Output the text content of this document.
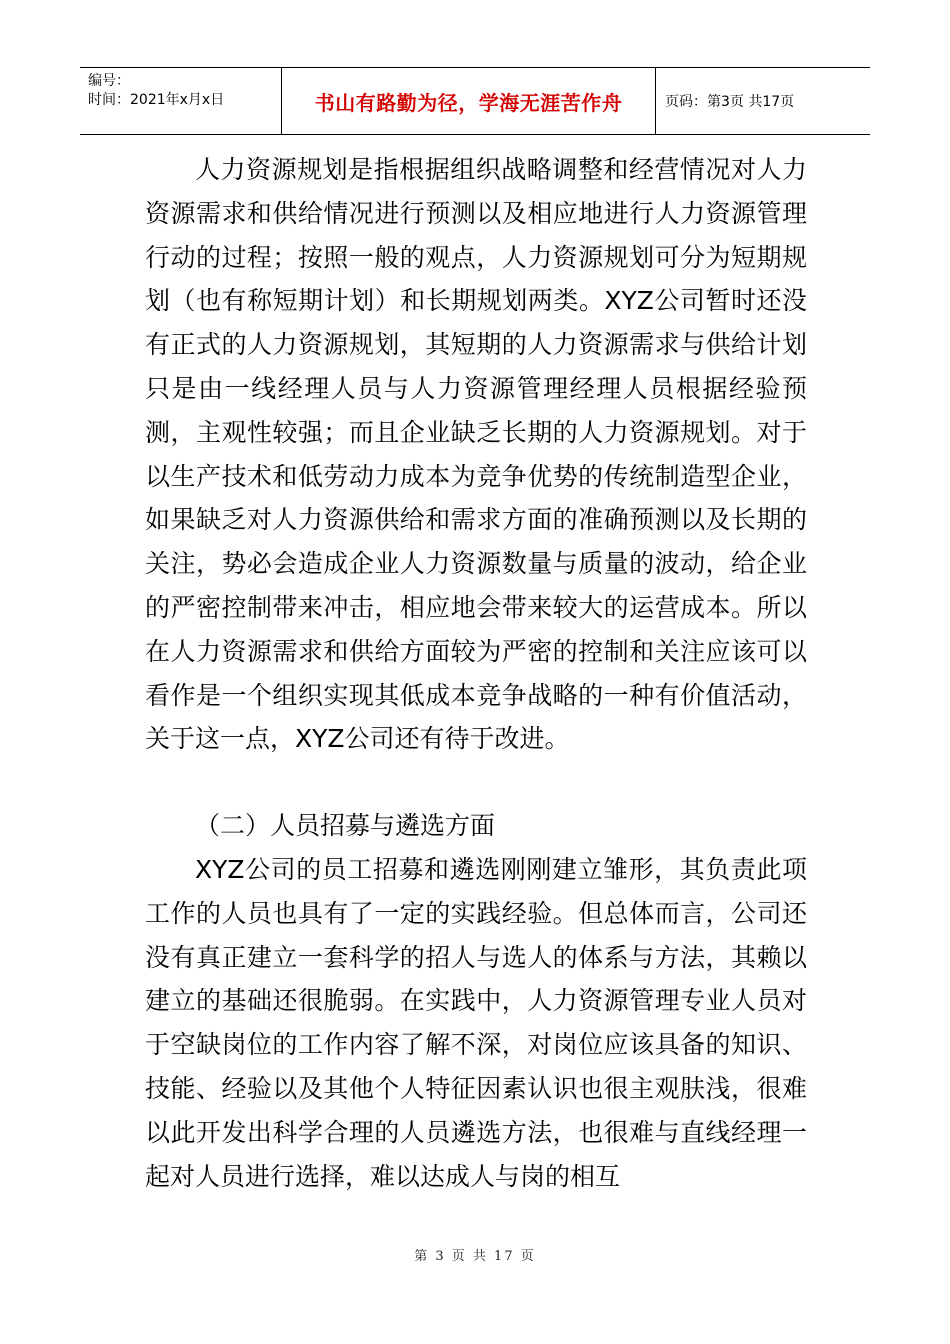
编号：
时间：2021年x月x日	书山有路勤为径，学海无涯苦作舟	页码：第3页 共17页

人力资源规划是指根据组织战略调整和经营情况对人力资源需求和供给情况进行预测以及相应地进行人力资源管理行动的过程；按照一般的观点，人力资源规划可分为短期规划（也有称短期计划）和长期规划两类。XYZ公司暂时还没有正式的人力资源规划，其短期的人力资源需求与供给计划只是由一线经理人员与人力资源管理经理人员根据经验预测，主观性较强；而且企业缺乏长期的人力资源规划。对于以生产技术和低劳动力成本为竞争优势的传统制造型企业，如果缺乏对人力资源供给和需求方面的准确预测以及长期的关注，势必会造成企业人力资源数量与质量的波动，给企业的严密控制带来冲击，相应地会带来较大的运营成本。所以在人力资源需求和供给方面较为严密的控制和关注应该可以看作是一个组织实现其低成本竞争战略的一种有价值活动，关于这一点，XYZ公司还有待于改进。

（二）人员招募与遴选方面

XYZ公司的员工招募和遴选刚刚建立雏形，其负责此项工作的人员也具有了一定的实践经验。但总体而言，公司还没有真正建立一套科学的招人与选人的体系与方法，其赖以建立的基础还很脆弱。在实践中，人力资源管理专业人员对于空缺岗位的工作内容了解不深，对岗位应该具备的知识、技能、经验以及其他个人特征因素认识也很主观肤浅，很难以此开发出科学合理的人员遴选方法，也很难与直线经理一起对人员进行选择，难以达成人与岗的相互

第 3 页 共 17 页
